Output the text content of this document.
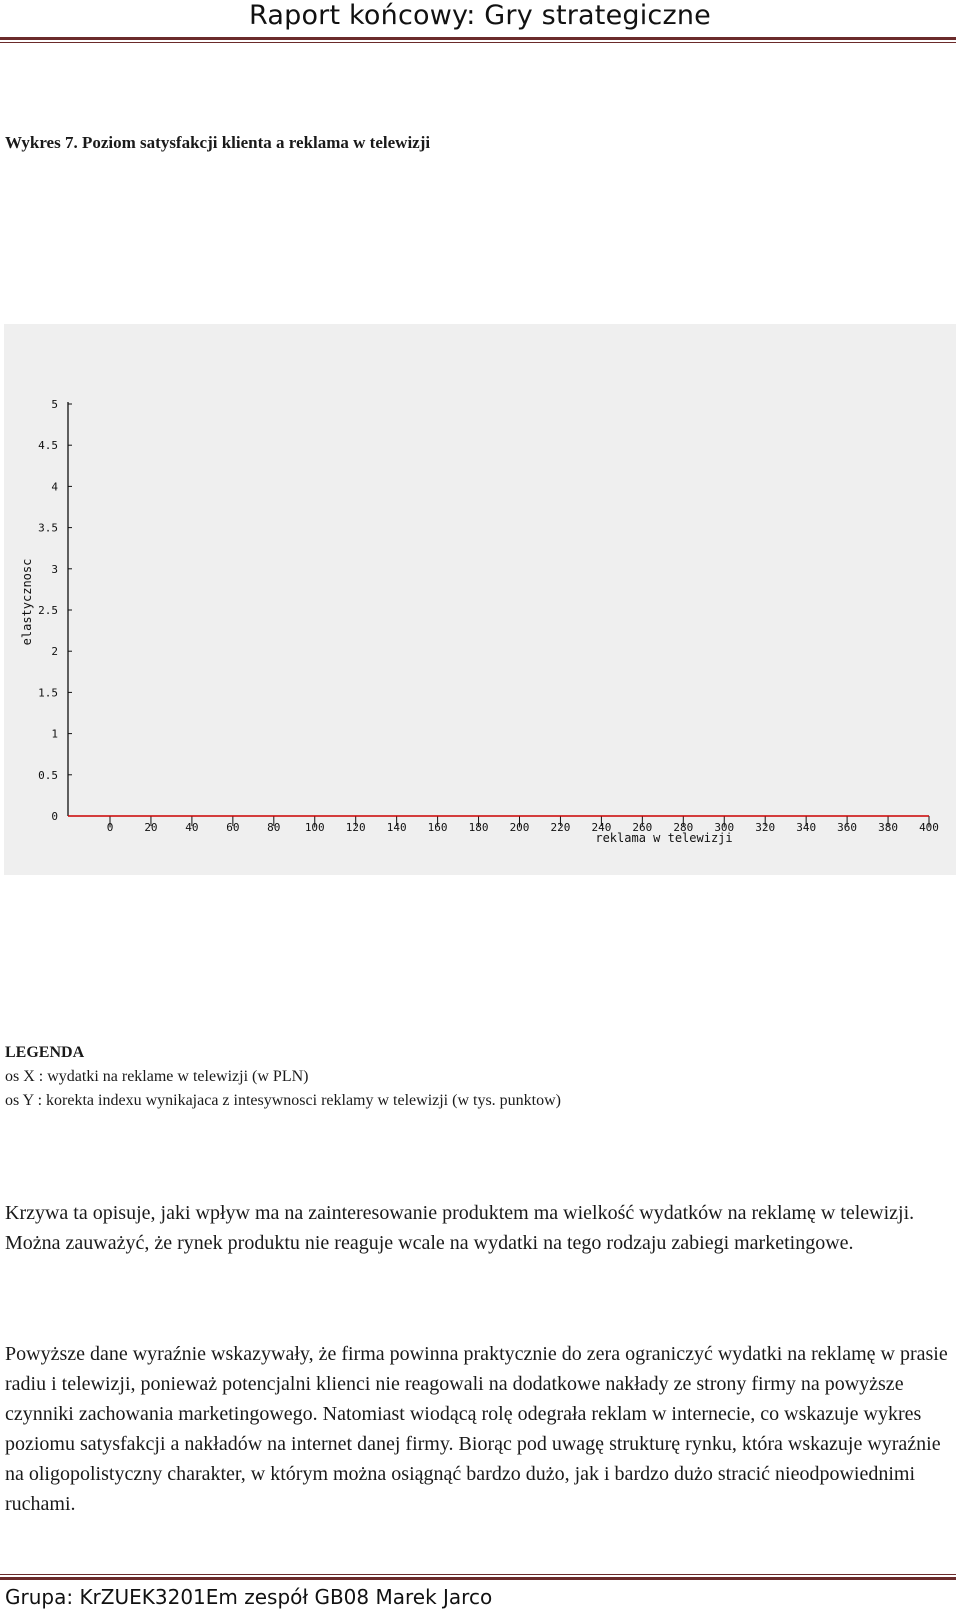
Raport końcowy: Gry strategiczne
Wykres 7. Poziom satysfakcji klienta a reklama w telewizji
0
0.5
1
1.5
2
2.5
3
3.5
4
4.5
5
0	20	40	60	80 100 120 140 160 180 200 220 240 260 280 300 320 340 360 380 400
reklama w telewizji
elastycznosc
LEGENDA
os X : wydatki na reklame w telewizji (w PLN)
os Y : korekta indexu wynikajaca z intesywnosci reklamy w telewizji (w tys. punktow)
Krzywa ta opisuje, jaki wpływ ma na zainteresowanie produktem ma wielkość wydatków na reklamę w telewizji. Można zauważyć, że rynek produktu nie reaguje wcale na wydatki na tego rodzaju zabiegi marketingowe.
Powyższe dane wyraźnie wskazywały, że firma powinna praktycznie do zera ograniczyć wydatki na reklamę w prasie radiu i telewizji, ponieważ potencjalni klienci nie reagowali na dodatkowe nakłady ze strony firmy na powyższe czynniki zachowania marketingowego. Natomiast wiodącą rolę odegrała reklam w internecie, co wskazuje wykres poziomu satysfakcji a nakładów na internet danej firmy. Biorąc pod uwagę strukturę rynku, która wskazuje wyraźnie na oligopolistyczny charakter, w którym można osiągnąć bardzo dużo, jak i bardzo dużo stracić nieodpowiednimi ruchami.
Grupa: KrZUEK3201Em zespół GB08 Marek Jarco
